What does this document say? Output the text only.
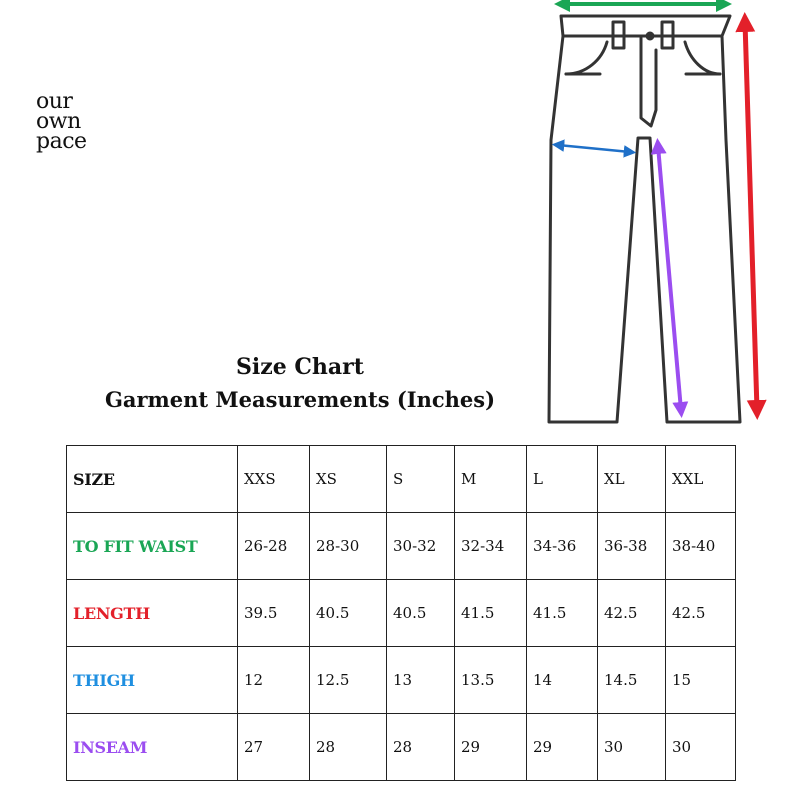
our
own
pace
Size Chart
Garment Measurements (Inches)
SIZE	XXS	XS	S	M	L	XL	XXL
TO FIT WAIST	26-28	28-30	30-32	32-34	34-36	36-38	38-40
LENGTH	39.5	40.5	40.5	41.5	41.5	42.5	42.5
THIGH	12	12.5	13	13.5	14	14.5	15
INSEAM	27	28	28	29	29	30	30
